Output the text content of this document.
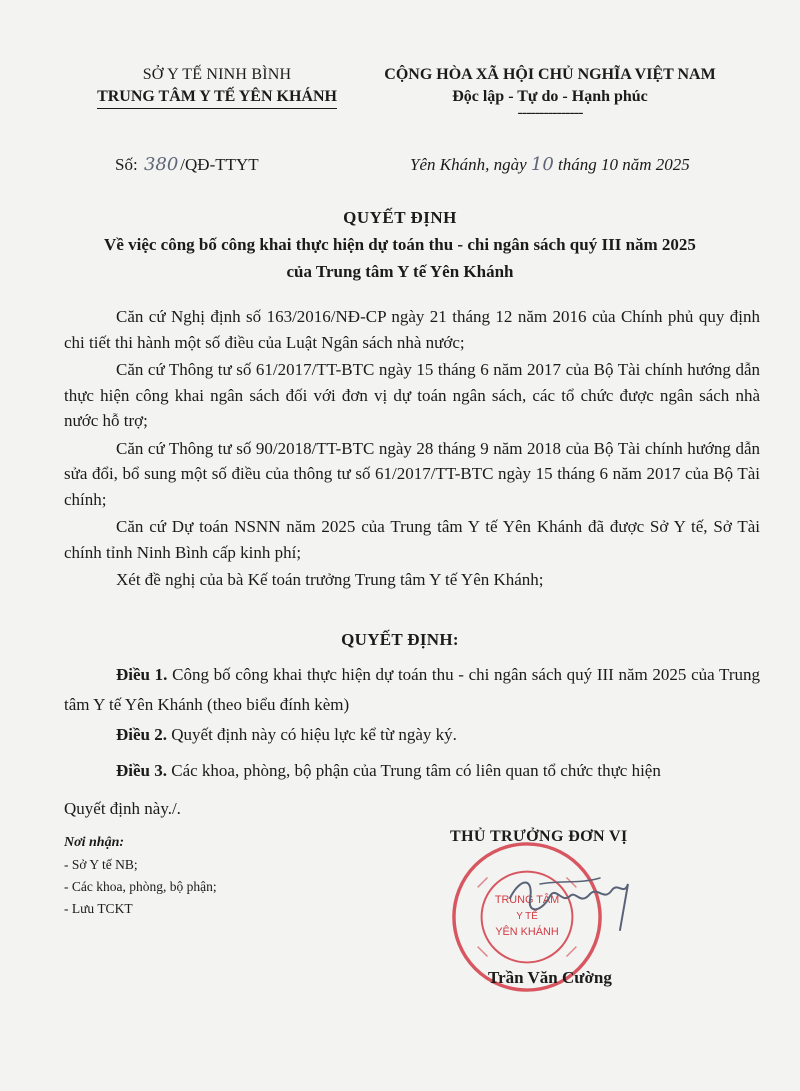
SỞ Y TẾ NINH BÌNH
TRUNG TÂM Y TẾ YÊN KHÁNH
CỘNG HÒA XÃ HỘI CHỦ NGHĨA VIỆT NAM
Độc lập - Tự do - Hạnh phúc
---------------
Số: 380 /QĐ-TTYT	Yên Khánh, ngày 10 tháng 10 năm 2025
QUYẾT ĐỊNH
Về việc công bố công khai thực hiện dự toán thu - chi ngân sách quý III năm 2025
của Trung tâm Y tế Yên Khánh

Căn cứ Nghị định số 163/2016/NĐ-CP ngày 21 tháng 12 năm 2016 của Chính phủ quy định chi tiết thi hành một số điều của Luật Ngân sách nhà nước;

Căn cứ Thông tư số 61/2017/TT-BTC ngày 15 tháng 6 năm 2017 của Bộ Tài chính hướng dẫn thực hiện công khai ngân sách đối với đơn vị dự toán ngân sách, các tổ chức được ngân sách nhà nước hỗ trợ;

Căn cứ Thông tư số 90/2018/TT-BTC ngày 28 tháng 9 năm 2018 của Bộ Tài chính hướng dẫn sửa đổi, bổ sung một số điều của thông tư số 61/2017/TT-BTC ngày 15 tháng 6 năm 2017 của Bộ Tài chính;

Căn cứ Dự toán NSNN năm 2025 của Trung tâm Y tế Yên Khánh đã được Sở Y tế, Sở Tài chính tỉnh Ninh Bình cấp kinh phí;

Xét đề nghị của bà Kế toán trưởng Trung tâm Y tế Yên Khánh;

QUYẾT ĐỊNH:

Điều 1. Công bố công khai thực hiện dự toán thu - chi ngân sách quý III năm 2025 của Trung tâm Y tế Yên Khánh (theo biểu đính kèm)

Điều 2. Quyết định này có hiệu lực kể từ ngày ký.

Điều 3. Các khoa, phòng, bộ phận của Trung tâm có liên quan tổ chức thực hiện

Quyết định này./.

Nơi nhận:
- Sở Y tế NB;
- Các khoa, phòng, bộ phận;
- Lưu TCKT
TRUNG TÂM
Y TẾ
YÊN KHÁNH
THỦ TRƯỞNG ĐƠN VỊ
Trần Văn Cường
